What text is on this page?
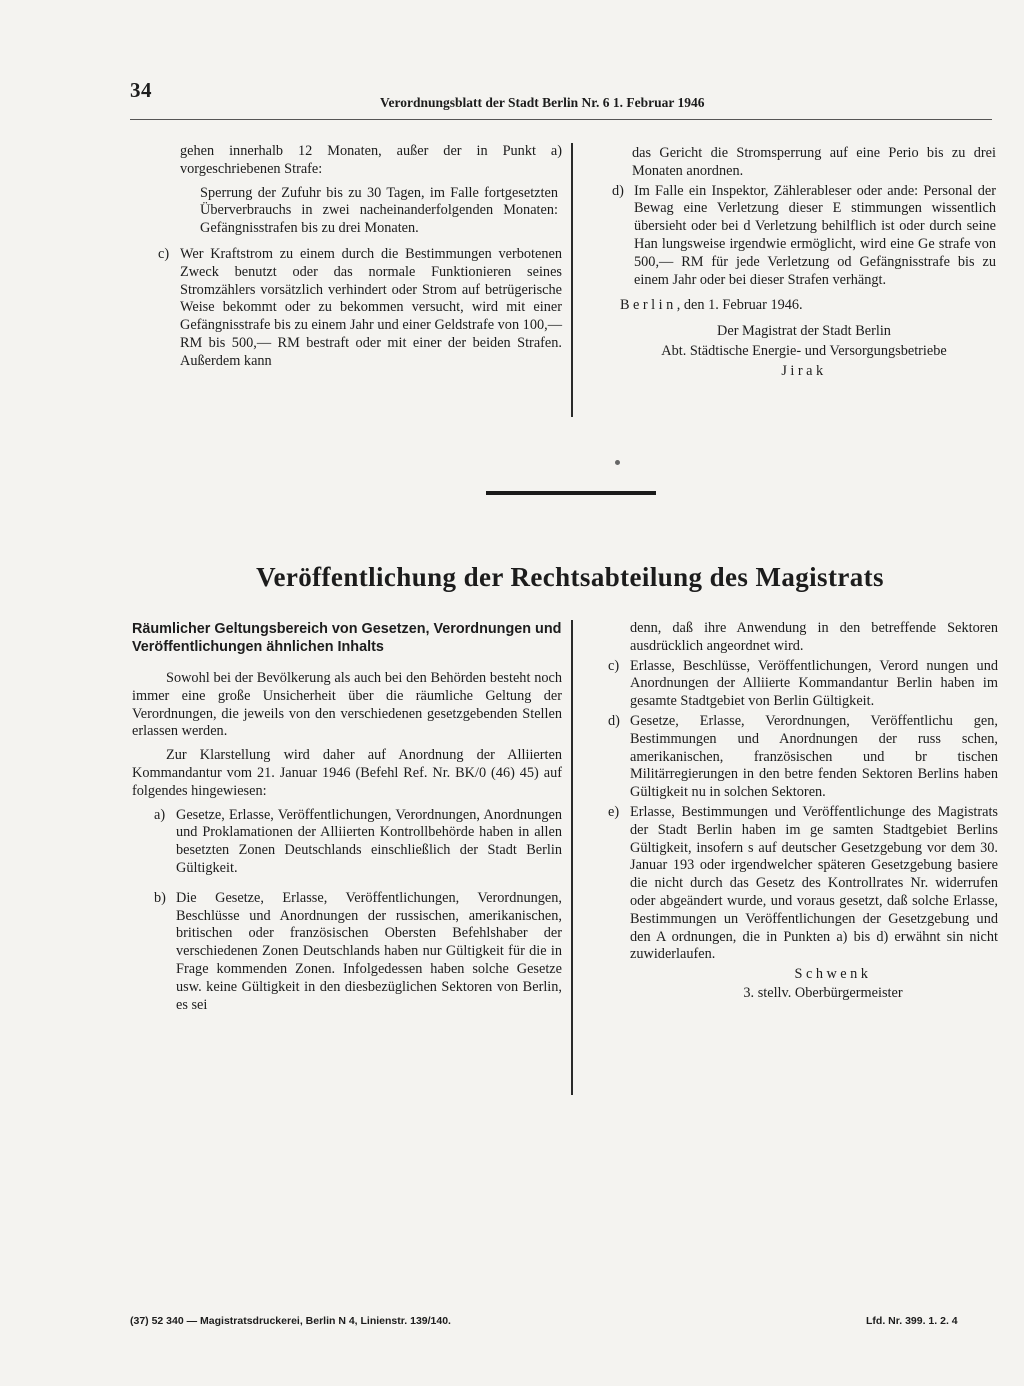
34
Verordnungsblatt der Stadt Berlin Nr. 6 1. Februar 1946

gehen innerhalb 12 Monaten, außer der in Punkt a) vorgeschriebenen Strafe:

Sperrung der Zufuhr bis zu 30 Tagen, im Falle fortgesetzten Überverbrauchs in zwei nacheinanderfolgenden Monaten: Gefängnisstrafen bis zu drei Monaten.

c) Wer Kraftstrom zu einem durch die Bestimmungen verbotenen Zweck benutzt oder das normale Funktionieren seines Stromzählers vorsätzlich verhindert oder Strom auf betrügerische Weise bekommt oder zu bekommen versucht, wird mit einer Gefängnisstrafe bis zu einem Jahr und einer Geldstrafe von 100,— RM bis 500,— RM bestraft oder mit einer der beiden Strafen. Außerdem kann

das Gericht die Stromsperrung auf eine Perio bis zu drei Monaten anordnen.

d) Im Falle ein Inspektor, Zählerableser oder ande: Personal der Bewag eine Verletzung dieser E stimmungen wissentlich übersieht oder bei d Verletzung behilflich ist oder durch seine Han lungsweise irgendwie ermöglicht, wird eine Ge strafe von 500,— RM für jede Verletzung od Gefängnisstrafe bis zu einem Jahr oder bei dieser Strafen verhängt.

Berlin, den 1. Februar 1946.

Der Magistrat der Stadt Berlin

Abt. Städtische Energie- und Versorgungsbetriebe

Jirak

Veröffentlichung der Rechtsabteilung des Magistrats

Räumlicher Geltungsbereich von Gesetzen, Verordnungen und Veröffentlichungen ähnlichen Inhalts

Sowohl bei der Bevölkerung als auch bei den Behörden besteht noch immer eine große Unsicherheit über die räumliche Geltung der Verordnungen, die jeweils von den verschiedenen gesetzgebenden Stellen erlassen werden.

Zur Klarstellung wird daher auf Anordnung der Alliierten Kommandantur vom 21. Januar 1946 (Befehl Ref. Nr. BK/0 (46) 45) auf folgendes hingewiesen:

a) Gesetze, Erlasse, Veröffentlichungen, Verordnungen, Anordnungen und Proklamationen der Alliierten Kontrollbehörde haben in allen besetzten Zonen Deutschlands einschließlich der Stadt Berlin Gültigkeit.
b) Die Gesetze, Erlasse, Veröffentlichungen, Verordnungen, Beschlüsse und Anordnungen der russischen, amerikanischen, britischen oder französischen Obersten Befehlshaber der verschiedenen Zonen Deutschlands haben nur Gültigkeit für die in Frage kommenden Zonen. Infolgedessen haben solche Gesetze usw. keine Gültigkeit in den diesbezüglichen Sektoren von Berlin, es sei

denn, daß ihre Anwendung in den betreffende Sektoren ausdrücklich angeordnet wird.

c) Erlasse, Beschlüsse, Veröffentlichungen, Verord nungen und Anordnungen der Alliierte Kommandantur Berlin haben im gesamte Stadtgebiet von Berlin Gültigkeit.
d) Gesetze, Erlasse, Verordnungen, Veröffentlichu gen, Bestimmungen und Anordnungen der russ schen, amerikanischen, französischen und br tischen Militärregierungen in den betre fenden Sektoren Berlins haben Gültigkeit nu in solchen Sektoren.
e) Erlasse, Bestimmungen und Veröffentlichunge des Magistrats der Stadt Berlin haben im ge samten Stadtgebiet Berlins Gültigkeit, insofern s auf deutscher Gesetzgebung vor dem 30. Januar 193 oder irgendwelcher späteren Gesetzgebung basiere die nicht durch das Gesetz des Kontrollrates Nr. widerrufen oder abgeändert wurde, und voraus gesetzt, daß solche Erlasse, Bestimmungen un Veröffentlichungen der Gesetzgebung und den A ordnungen, die in Punkten a) bis d) erwähnt sin nicht zuwiderlaufen.

Schwenk

3. stellv. Oberbürgermeister

(37) 52 340 — Magistratsdruckerei, Berlin N 4, Linienstr. 139/140.	Lfd. Nr. 399. 1. 2. 4
